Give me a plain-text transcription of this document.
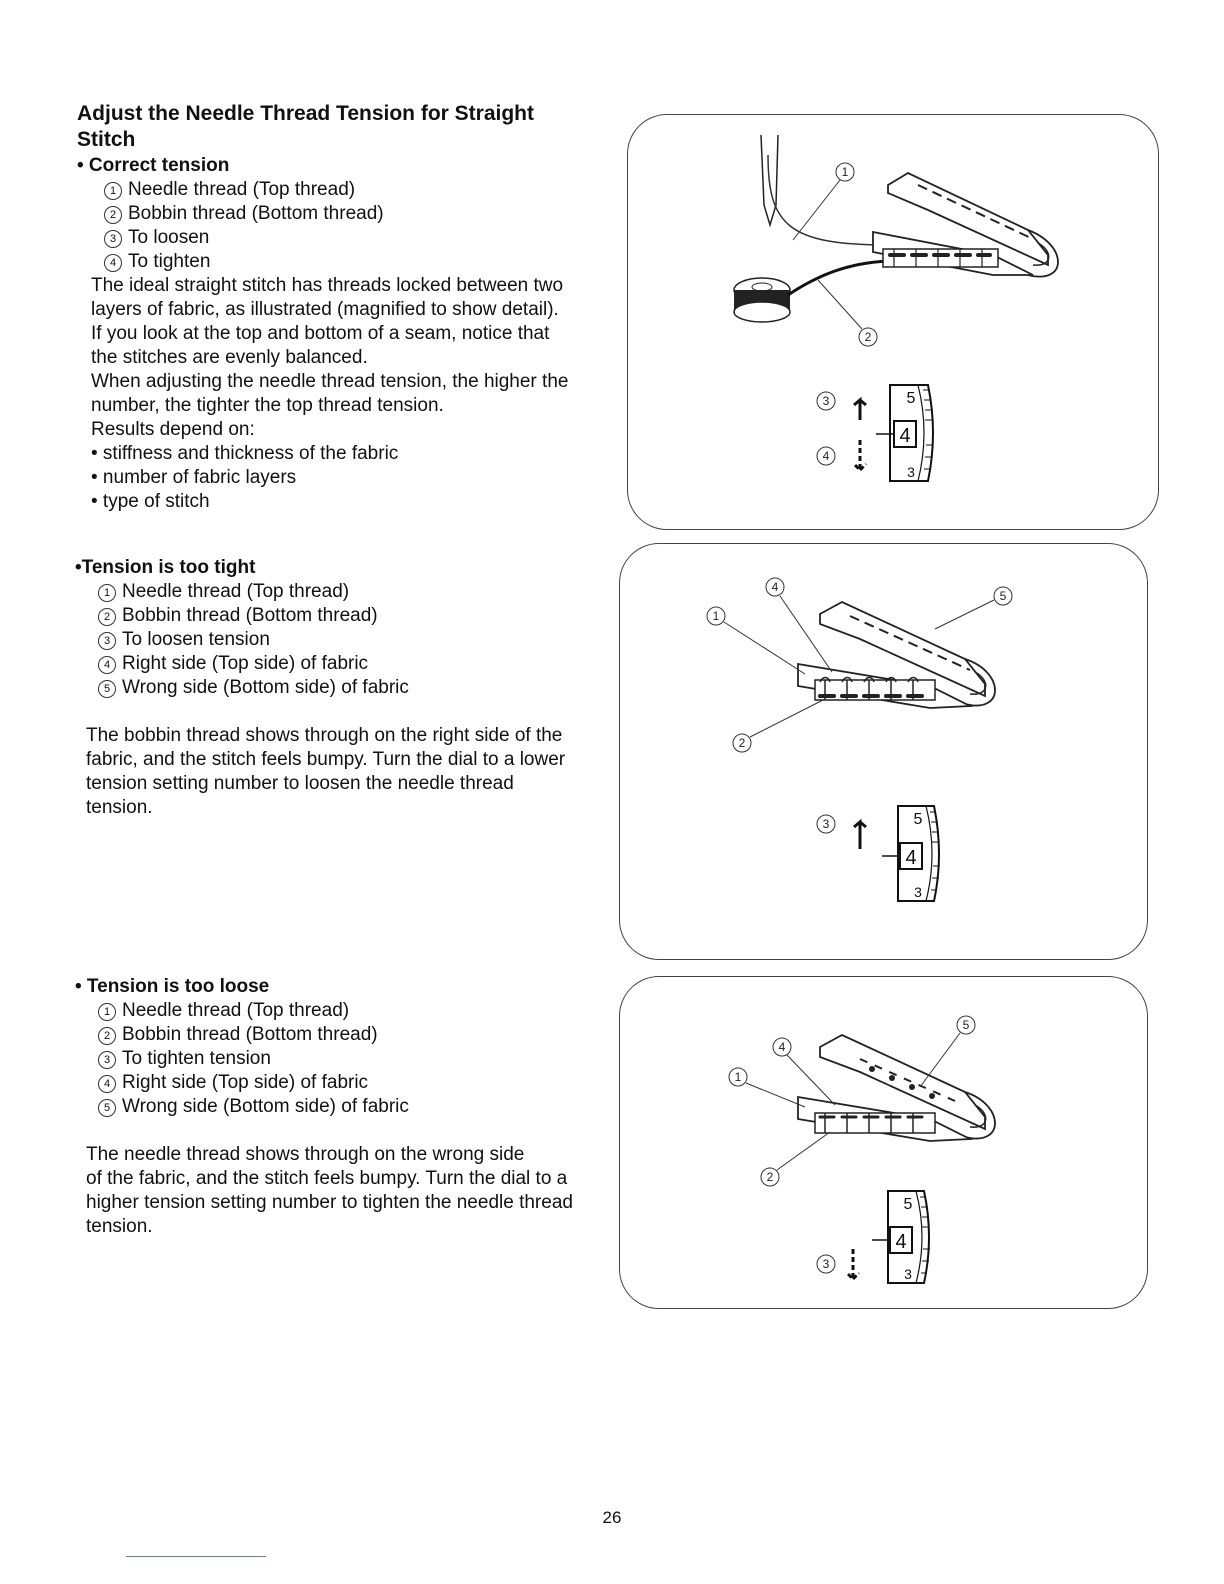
Adjust the Needle Thread Tension for Straight Stitch
• Correct tension
1 Needle thread (Top thread)
2 Bobbin thread (Bottom thread)
3 To loosen
4 To tighten
The ideal straight stitch has threads locked between two
layers of fabric, as illustrated (magnified to show detail).
If you look at the top and bottom of a seam, notice that
the stitches are evenly balanced.
When adjusting the needle thread tension, the higher the
number, the tighter the top thread tension.
Results depend on:
• stiffness and thickness of the fabric
• number of fabric layers
• type of stitch
•Tension is too tight
1 Needle thread (Top thread)
2 Bobbin thread (Bottom thread)
3 To loosen tension
4 Right side (Top side) of fabric
5 Wrong side (Bottom side) of fabric
The bobbin thread shows through on the right side of the
fabric, and the stitch feels bumpy. Turn the dial to a lower
tension setting number to loosen the needle thread
tension.
• Tension is too loose
1 Needle thread (Top thread)
2 Bobbin thread (Bottom thread)
3 To tighten tension
4 Right side (Top side) of fabric
5 Wrong side (Bottom side) of fabric
The needle thread shows through on the wrong side
of the fabric, and the stitch feels bumpy. Turn the dial to a
higher tension setting number to tighten the needle thread
tension.
1
2
3
4
5
4
3
1
4
5
2
3	5
4
3
1
4
5
2
3
5
4
3
26
